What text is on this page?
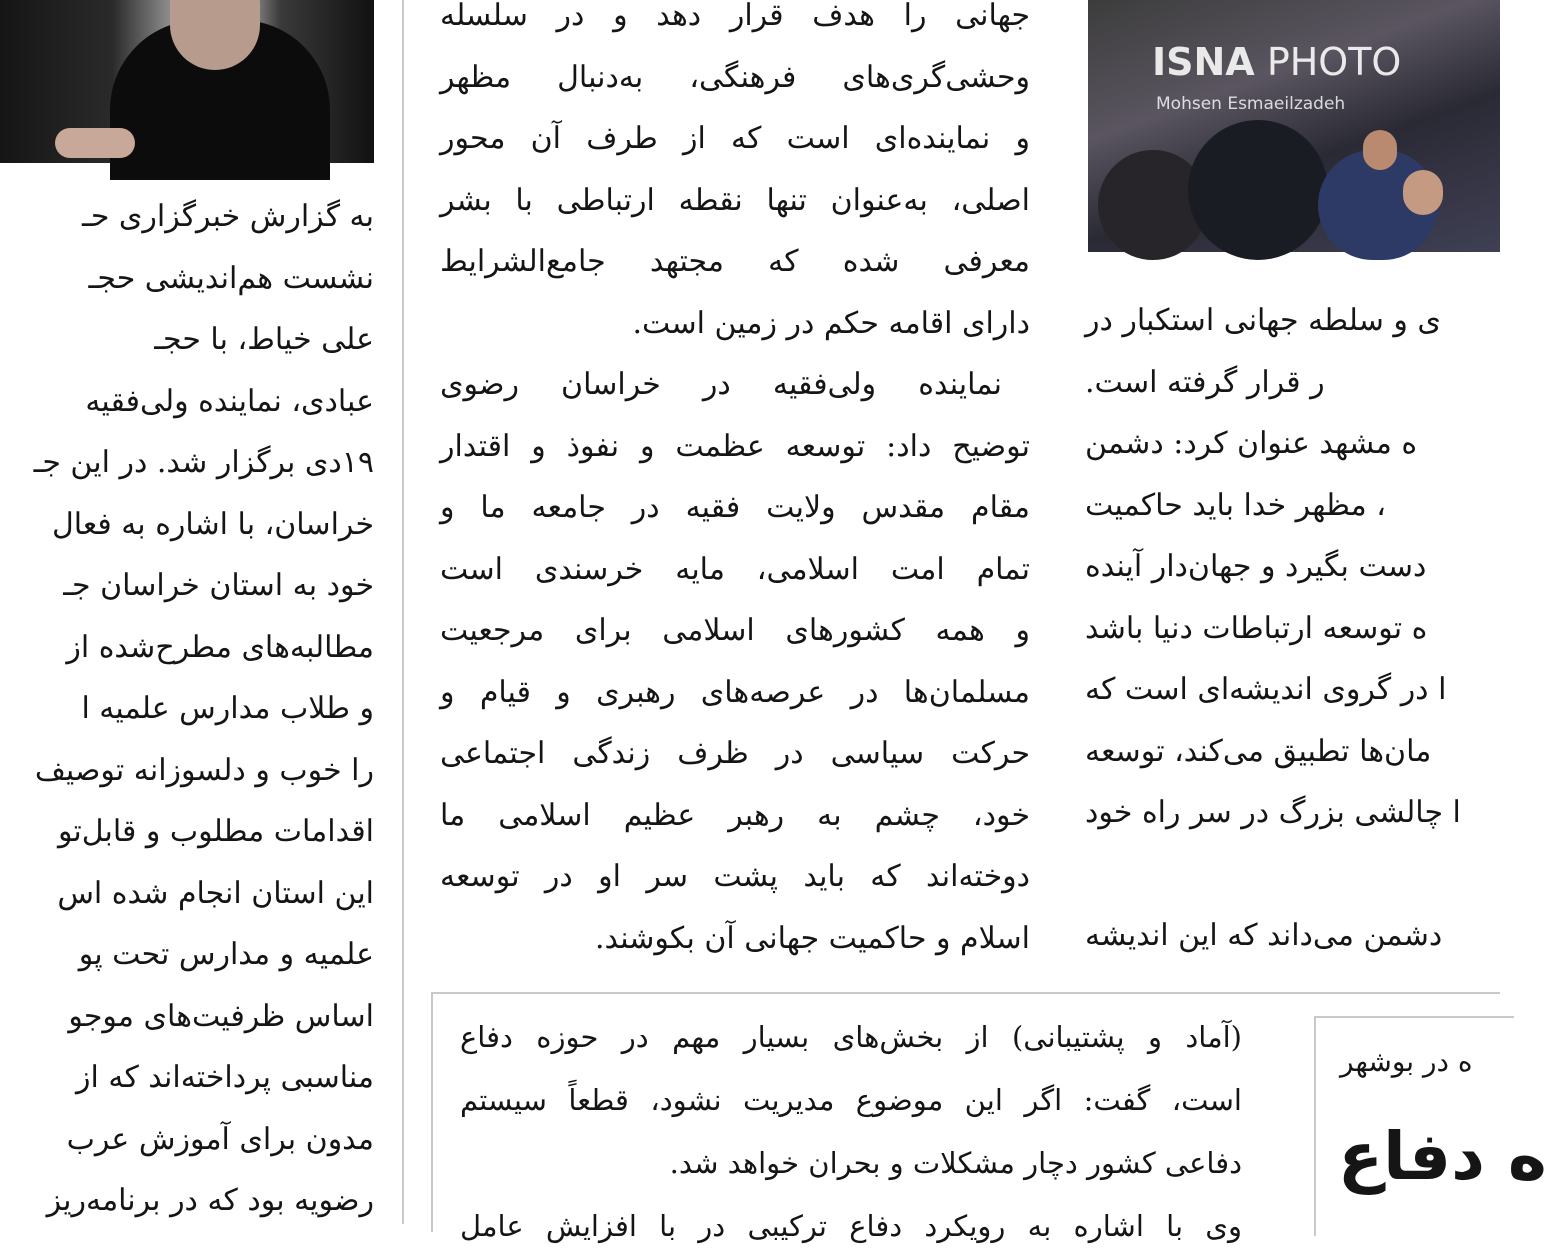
ISNA PHOTO
Mohsen Esmaeilzadeh
به گزارش خبرگزاری حـ
نشست هم‌اندیشی حجـ
علی خیاط، با حجـ
عبادی، نماینده ولی‌فقیه
۱۹دی برگزار شد. در این جـ
خراسان، با اشاره به فعال
خود به استان خراسان جـ
مطالبه‌های مطرح‌شده از
و طلاب مدارس علمیه ا
را خوب و دلسوزانه توصیف
اقدامات مطلوب و قابل‌تو
این استان انجام شده اس
علمیه و مدارس تحت پو
اساس ظرفیت‌های موجو
مناسبی پرداخته‌اند که از
مدون برای آموزش عرب
رضویه بود که در برنامه‌ریز
جهانی را هدف قرار دهد و در سلسله
وحشی‌گری‌های فرهنگی، به‌دنبال مظهر
و نماینده‌ای است که از طرف آن محور
اصلی، به‌عنوان تنها نقطه ارتباطی با بشر
معرفی شده که مجتهد جامع‌الشرایط
دارای اقامه حکم در زمین است.
نماینده ولی‌فقیه در خراسان رضوی
توضیح داد: توسعه عظمت و نفوذ و اقتدار
مقام مقدس ولایت فقیه در جامعه ما و
تمام امت اسلامی، مایه خرسندی است
و همه کشورهای اسلامی برای مرجعیت
مسلمان‌ها در عرصه‌های رهبری و قیام و
حرکت سیاسی در ظرف زندگی اجتماعی
خود، چشم به رهبر عظیم اسلامی ما
دوخته‌اند که باید پشت سر او در توسعه
اسلام و حاکمیت جهانی آن بکوشند.
ی و سلطه جهانی استکبار در
ر قرار گرفته است.
ه مشهد عنوان کرد: دشمن
، مظهر خدا باید حاکمیت
دست بگیرد و جهان‌دار آینده
ه توسعه ارتباطات دنیا باشد
ا در گروی اندیشه‌ای است که
مان‌ها تطبیق می‌کند، توسعه
ا چالشی بزرگ در سر راه خود

دشمن می‌داند که این اندیشه
(آماد و پشتیبانی) از بخش‌های بسیار مهم در حوزه دفاع
است، گفت: اگر این موضوع مدیریت نشود، قطعاً سیستم
دفاعی کشور دچار مشکلات و بحران خواهد شد.
وی با اشاره به رویکرد دفاع ترکیبی در با افزایش عامل
ه در بوشهر
ه دفاع
